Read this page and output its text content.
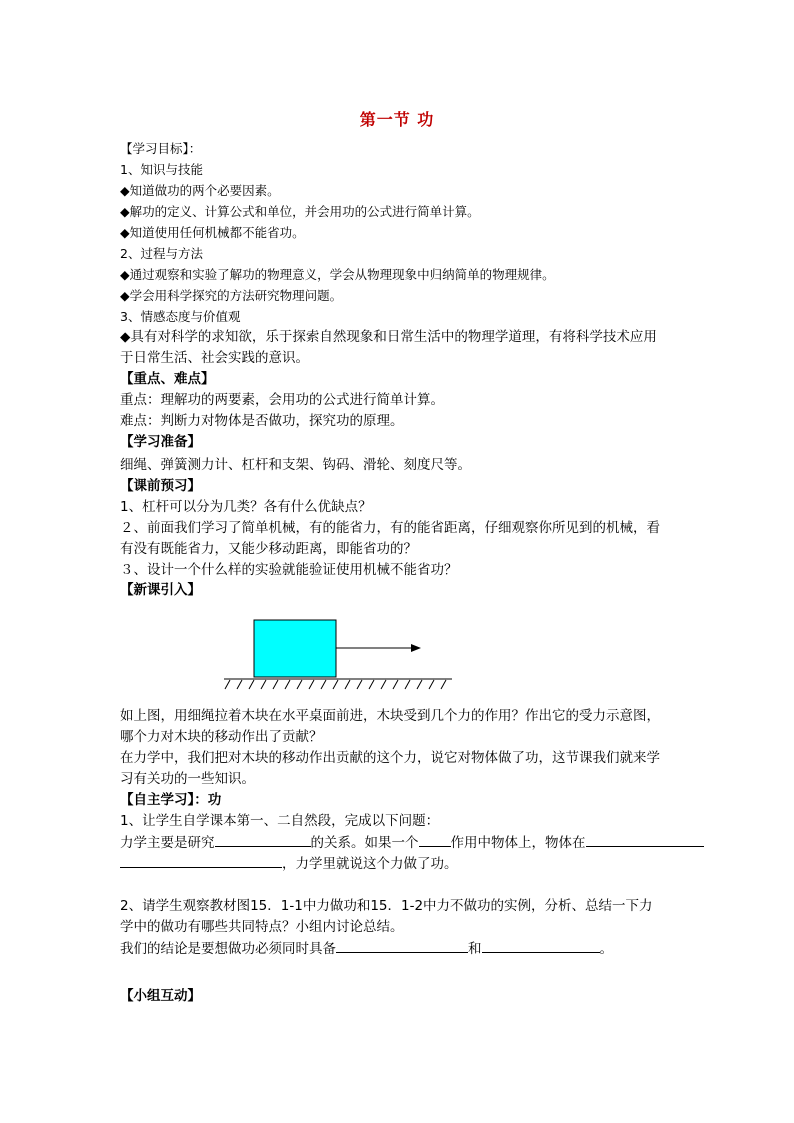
第一节 功
【学习目标】：
1、知识与技能
◆知道做功的两个必要因素。
◆解功的定义、计算公式和单位，并会用功的公式进行简单计算。
◆知道使用任何机械都不能省功。
2、过程与方法
◆通过观察和实验了解功的物理意义，学会从物理现象中归纳简单的物理规律。
◆学会用科学探究的方法研究物理问题。
3、情感态度与价值观
◆具有对科学的求知欲，乐于探索自然现象和日常生活中的物理学道理，有将科学技术应用
于日常生活、社会实践的意识。
【重点、难点】
重点：理解功的两要素，会用功的公式进行简单计算。
难点：判断力对物体是否做功，探究功的原理。
【学习准备】
细绳、弹簧测力计、杠杆和支架、钩码、滑轮、刻度尺等。
【课前预习】
1、杠杆可以分为几类？各有什么优缺点？
２、前面我们学习了简单机械，有的能省力，有的能省距离，仔细观察你所见到的机械，看
有没有既能省力，又能少移动距离，即能省功的？
３、设计一个什么样的实验就能验证使用机械不能省功？
【新课引入】
如上图，用细绳拉着木块在水平桌面前进，木块受到几个力的作用？作出它的受力示意图，
哪个力对木块的移动作出了贡献？
在力学中，我们把对木块的移动作出贡献的这个力，说它对物体做了功，这节课我们就来学
习有关功的一些知识。
【自主学习】：功
1、让学生自学课本第一、二自然段，完成以下问题：
力学主要是研究	的关系。如果一个 作用中物体上，物体在
，力学里就说这个力做了功。
2、请学生观察教材图15．1-1中力做功和15．1-2中力不做功的实例，分析、总结一下力
学中的做功有哪些共同特点？小组内讨论总结。
我们的结论是要想做功必须同时具备	和	。
【小组互动】
